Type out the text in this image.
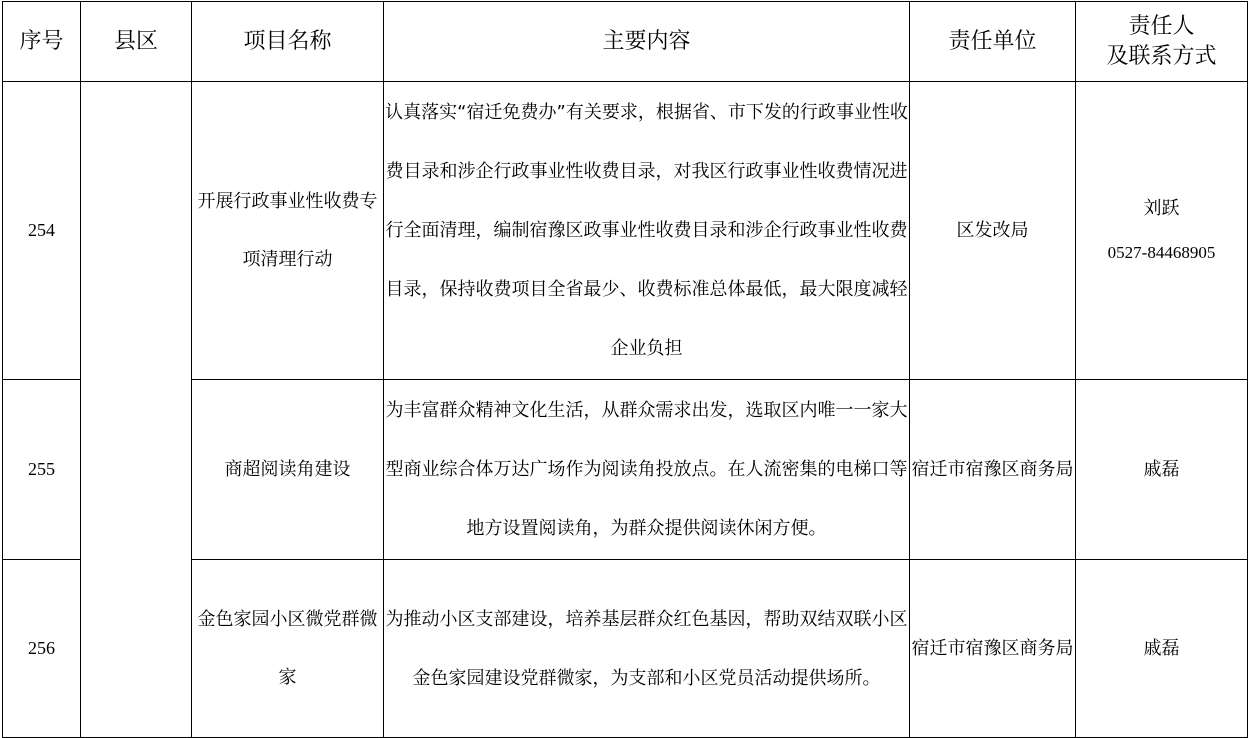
序号	县区	项目名称	主要内容	责任单位	责任人
及联系方式

254		开展行政事业性收费专项清理行动	认真落实“宿迁免费办”有关要求，根据省、市下发的行政事业性收费目录和涉企行政事业性收费目录，对我区行政事业性收费情况进行全面清理，编制宿豫区政事业性收费目录和涉企行政事业性收费目录，保持收费项目全省最少、收费标准总体最低，最大限度减轻企业负担	区发改局	刘跃
0527-84468905

255		商超阅读角建设	为丰富群众精神文化生活，从群众需求出发，选取区内唯一一家大型商业综合体万达广场作为阅读角投放点。在人流密集的电梯口等地方设置阅读角，为群众提供阅读休闲方便。	宿迁市宿豫区商务局	戚磊

256		金色家园小区微党群微家	为推动小区支部建设，培养基层群众红色基因，帮助双结双联小区金色家园建设党群微家，为支部和小区党员活动提供场所。	宿迁市宿豫区商务局	戚磊
